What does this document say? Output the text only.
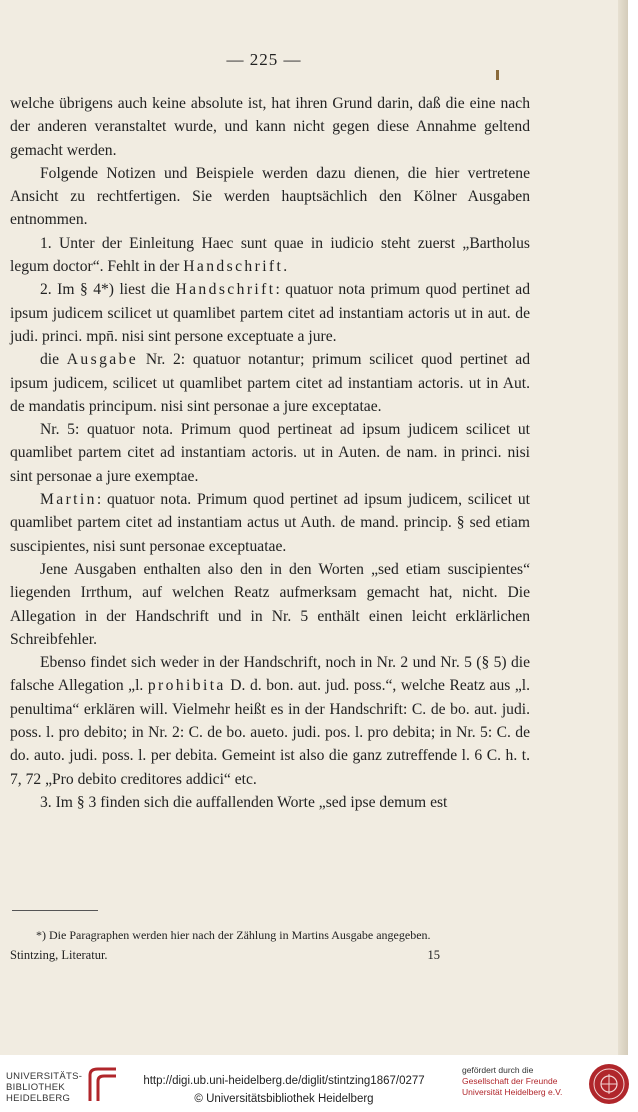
— 225 —

welche übrigens auch keine absolute ist, hat ihren Grund darin, daß die eine nach der anderen veranstaltet wurde, und kann nicht gegen diese Annahme geltend gemacht werden.

Folgende Notizen und Beispiele werden dazu dienen, die hier vertretene Ansicht zu rechtfertigen. Sie werden hauptsächlich den Kölner Ausgaben entnommen.

1. Unter der Einleitung Haec sunt quae in iudicio steht zuerst „Bartholus legum doctor“. Fehlt in der Handschrift.

2. Im § 4*) liest die Handschrift: quatuor nota primum quod pertinet ad ipsum judicem scilicet ut quamlibet partem citet ad instantiam actoris ut in aut. de judi. princi. mpn̄. nisi sint persone exceptuate a jure.

die Ausgabe Nr. 2: quatuor notantur; primum scilicet quod pertinet ad ipsum judicem, scilicet ut quamlibet partem citet ad instantiam actoris. ut in Aut. de mandatis principum. nisi sint personae a jure exceptatae.

Nr. 5: quatuor nota. Primum quod pertineat ad ipsum judicem scilicet ut quamlibet partem citet ad instantiam actoris. ut in Auten. de nam. in princi. nisi sint personae a jure exemptae.

Martin: quatuor nota. Primum quod pertinet ad ipsum judicem, scilicet ut quamlibet partem citet ad instantiam actus ut Auth. de mand. princip. § sed etiam suscipientes, nisi sunt personae exceptuatae.

Jene Ausgaben enthalten also den in den Worten „sed etiam suscipientes“ liegenden Irrthum, auf welchen Reatz aufmerksam gemacht hat, nicht. Die Allegation in der Handschrift und in Nr. 5 enthält einen leicht erklärlichen Schreibfehler.

Ebenso findet sich weder in der Handschrift, noch in Nr. 2 und Nr. 5 (§ 5) die falsche Allegation „l. prohibita D. d. bon. aut. jud. poss.“, welche Reatz aus „l. penultima“ erklären will. Vielmehr heißt es in der Handschrift: C. de bo. aut. judi. poss. l. pro debito; in Nr. 2: C. de bo. aueto. judi. pos. l. pro debita; in Nr. 5: C. de do. auto. judi. poss. l. per debita. Gemeint ist also die ganz zutreffende l. 6 C. h. t. 7, 72 „Pro debito creditores addici“ etc.

3. Im § 3 finden sich die auffallenden Worte „sed ipse demum est

*) Die Paragraphen werden hier nach der Zählung in Martins Ausgabe angegeben.
Stintzing, Literatur.	15
UNIVERSITÄTS-
BIBLIOTHEK
HEIDELBERG
http://digi.ub.uni-heidelberg.de/diglit/stintzing1867/0277
© Universitätsbibliothek Heidelberg
gefördert durch die
Gesellschaft der Freunde
Universität Heidelberg e.V.
